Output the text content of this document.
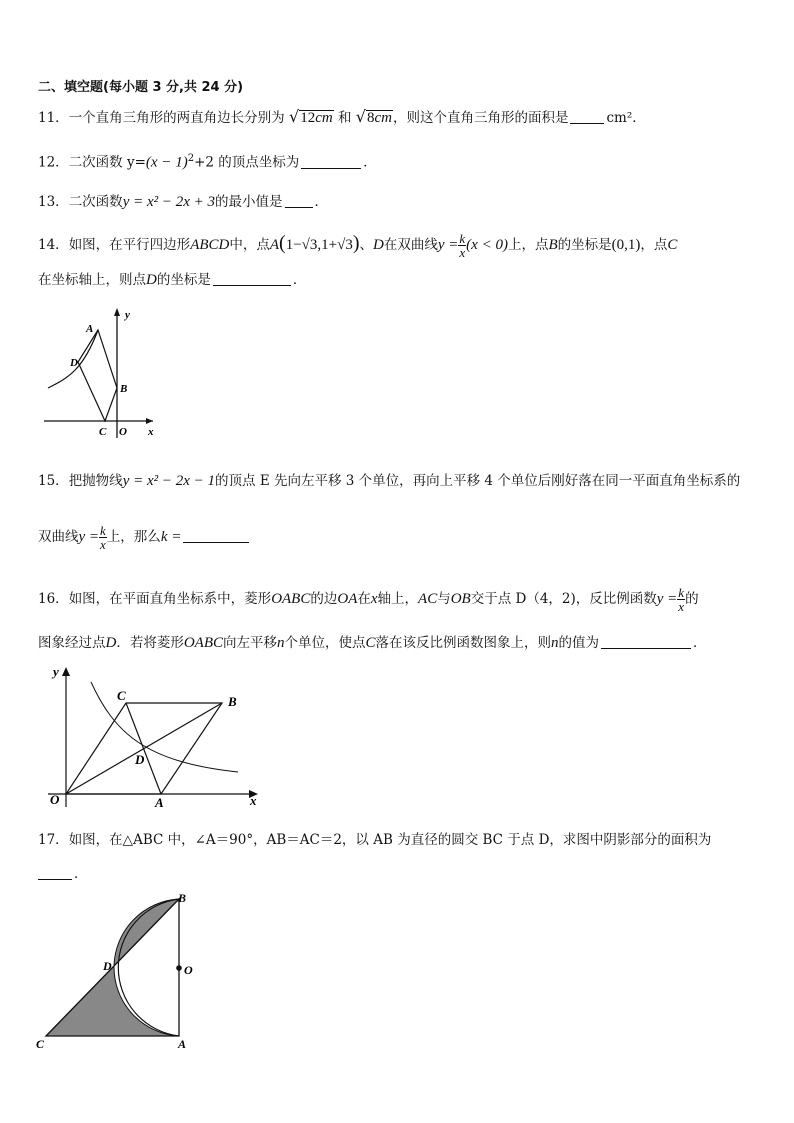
二、填空题(每小题 3 分,共 24 分)
11．一个直角三角形的两直角边长分别为 √12cm 和 √8cm，则这个直角三角形的面积是	cm²．
12．二次函数 $y=(x - 1)^2+2$ 的顶点坐标为	．
13．二次函数y = x² − 2x + 3的最小值是 ．
14．如图，在平行四边形ABCD中，点A(1−√3,1+√3)、D在双曲线$y = \frac{k}{x} (x < 0)$上，点B的坐标是(0,1)，点C
在坐标轴上，则点D的坐标是	．
A
D
B
C O x
y
15．把抛物线y = x² − 2x − 1的顶点 E 先向左平移 3 个单位，再向上平移 4 个单位后刚好落在同一平面直角坐标系的
双曲线$y = \frac{k}{x}$ 上，那么k =
16．如图，在平面直角坐标系中，菱形OABC的边OA在x轴上，AC与OB交于点 D（4，2)，反比例函数$y = \frac{k}{x}$ 的
图象经过点D．若将菱形OABC向左平移n个单位，使点C落在该反比例函数图象上，则n的值为	．
O	A
B
C
D
x
y
17．如图，在△ABC 中，∠A＝90°，AB＝AC＝2，以 AB 为直径的圆交 BC 于点 D，求图中阴影部分的面积为
．
B
D	O
C	A
